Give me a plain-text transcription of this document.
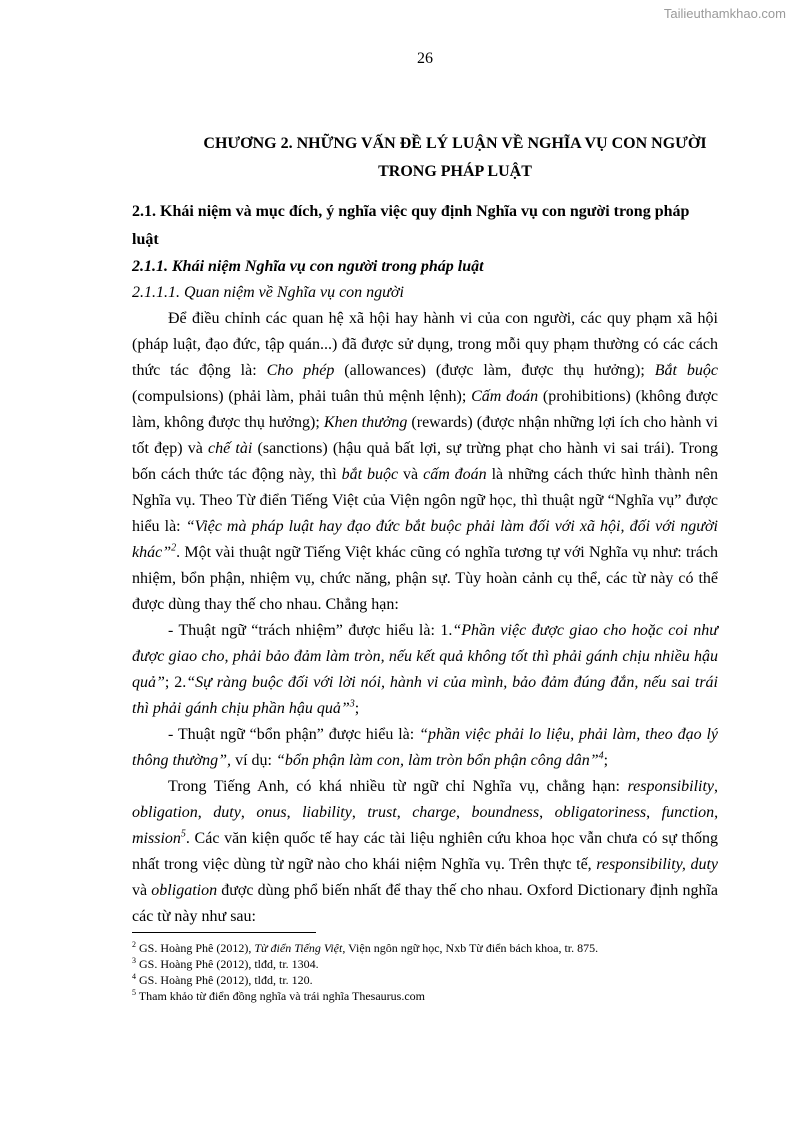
Tailieuthamkhao.com
26
CHƯƠNG 2. NHỮNG VẤN ĐỀ LÝ LUẬN VỀ NGHĨA VỤ CON NGƯỜI
TRONG PHÁP LUẬT
2.1. Khái niệm và mục đích, ý nghĩa việc quy định Nghĩa vụ con người trong pháp luật
2.1.1. Khái niệm Nghĩa vụ con người trong pháp luật
2.1.1.1. Quan niệm về Nghĩa vụ con người

Để điều chỉnh các quan hệ xã hội hay hành vi của con người, các quy phạm xã hội (pháp luật, đạo đức, tập quán...) đã được sử dụng, trong mỗi quy phạm thường có các cách thức tác động là: Cho phép (allowances) (được làm, được thụ hưởng); Bắt buộc (compulsions) (phải làm, phải tuân thủ mệnh lệnh); Cấm đoán (prohibitions) (không được làm, không được thụ hưởng); Khen thưởng (rewards) (được nhận những lợi ích cho hành vi tốt đẹp) và chế tài (sanctions) (hậu quả bất lợi, sự trừng phạt cho hành vi sai trái). Trong bốn cách thức tác động này, thì bắt buộc và cấm đoán là những cách thức hình thành nên Nghĩa vụ. Theo Từ điển Tiếng Việt của Viện ngôn ngữ học, thì thuật ngữ “Nghĩa vụ” được hiểu là: “Việc mà pháp luật hay đạo đức bắt buộc phải làm đối với xã hội, đối với người khác”$^2$. Một vài thuật ngữ Tiếng Việt khác cũng có nghĩa tương tự với Nghĩa vụ như: trách nhiệm, bổn phận, nhiệm vụ, chức năng, phận sự. Tùy hoàn cảnh cụ thể, các từ này có thể được dùng thay thế cho nhau. Chẳng hạn:

- Thuật ngữ “trách nhiệm” được hiểu là: 1.“Phần việc được giao cho hoặc coi như được giao cho, phải bảo đảm làm tròn, nếu kết quả không tốt thì phải gánh chịu nhiều hậu quả”; 2.“Sự ràng buộc đối với lời nói, hành vi của mình, bảo đảm đúng đắn, nếu sai trái thì phải gánh chịu phần hậu quả”$^3$;

- Thuật ngữ “bổn phận” được hiểu là: “phần việc phải lo liệu, phải làm, theo đạo lý thông thường”, ví dụ: “bổn phận làm con, làm tròn bổn phận công dân”$^4$;

Trong Tiếng Anh, có khá nhiều từ ngữ chỉ Nghĩa vụ, chẳng hạn: responsibility, obligation, duty, onus, liability, trust, charge, boundness, obligatoriness, function, mission$^5$. Các văn kiện quốc tế hay các tài liệu nghiên cứu khoa học vẫn chưa có sự thống nhất trong việc dùng từ ngữ nào cho khái niệm Nghĩa vụ. Trên thực tế, responsibility, duty và obligation được dùng phổ biến nhất để thay thế cho nhau. Oxford Dictionary định nghĩa các từ này như sau:

$^2$ GS. Hoàng Phê (2012), Từ điển Tiếng Việt, Viện ngôn ngữ học, Nxb Từ điển bách khoa, tr. 875.
$^3$ GS. Hoàng Phê (2012), tlđd, tr. 1304.
$^4$ GS. Hoàng Phê (2012), tlđd, tr. 120.
$^5$ Tham khảo từ điển đồng nghĩa và trái nghĩa Thesaurus.com
